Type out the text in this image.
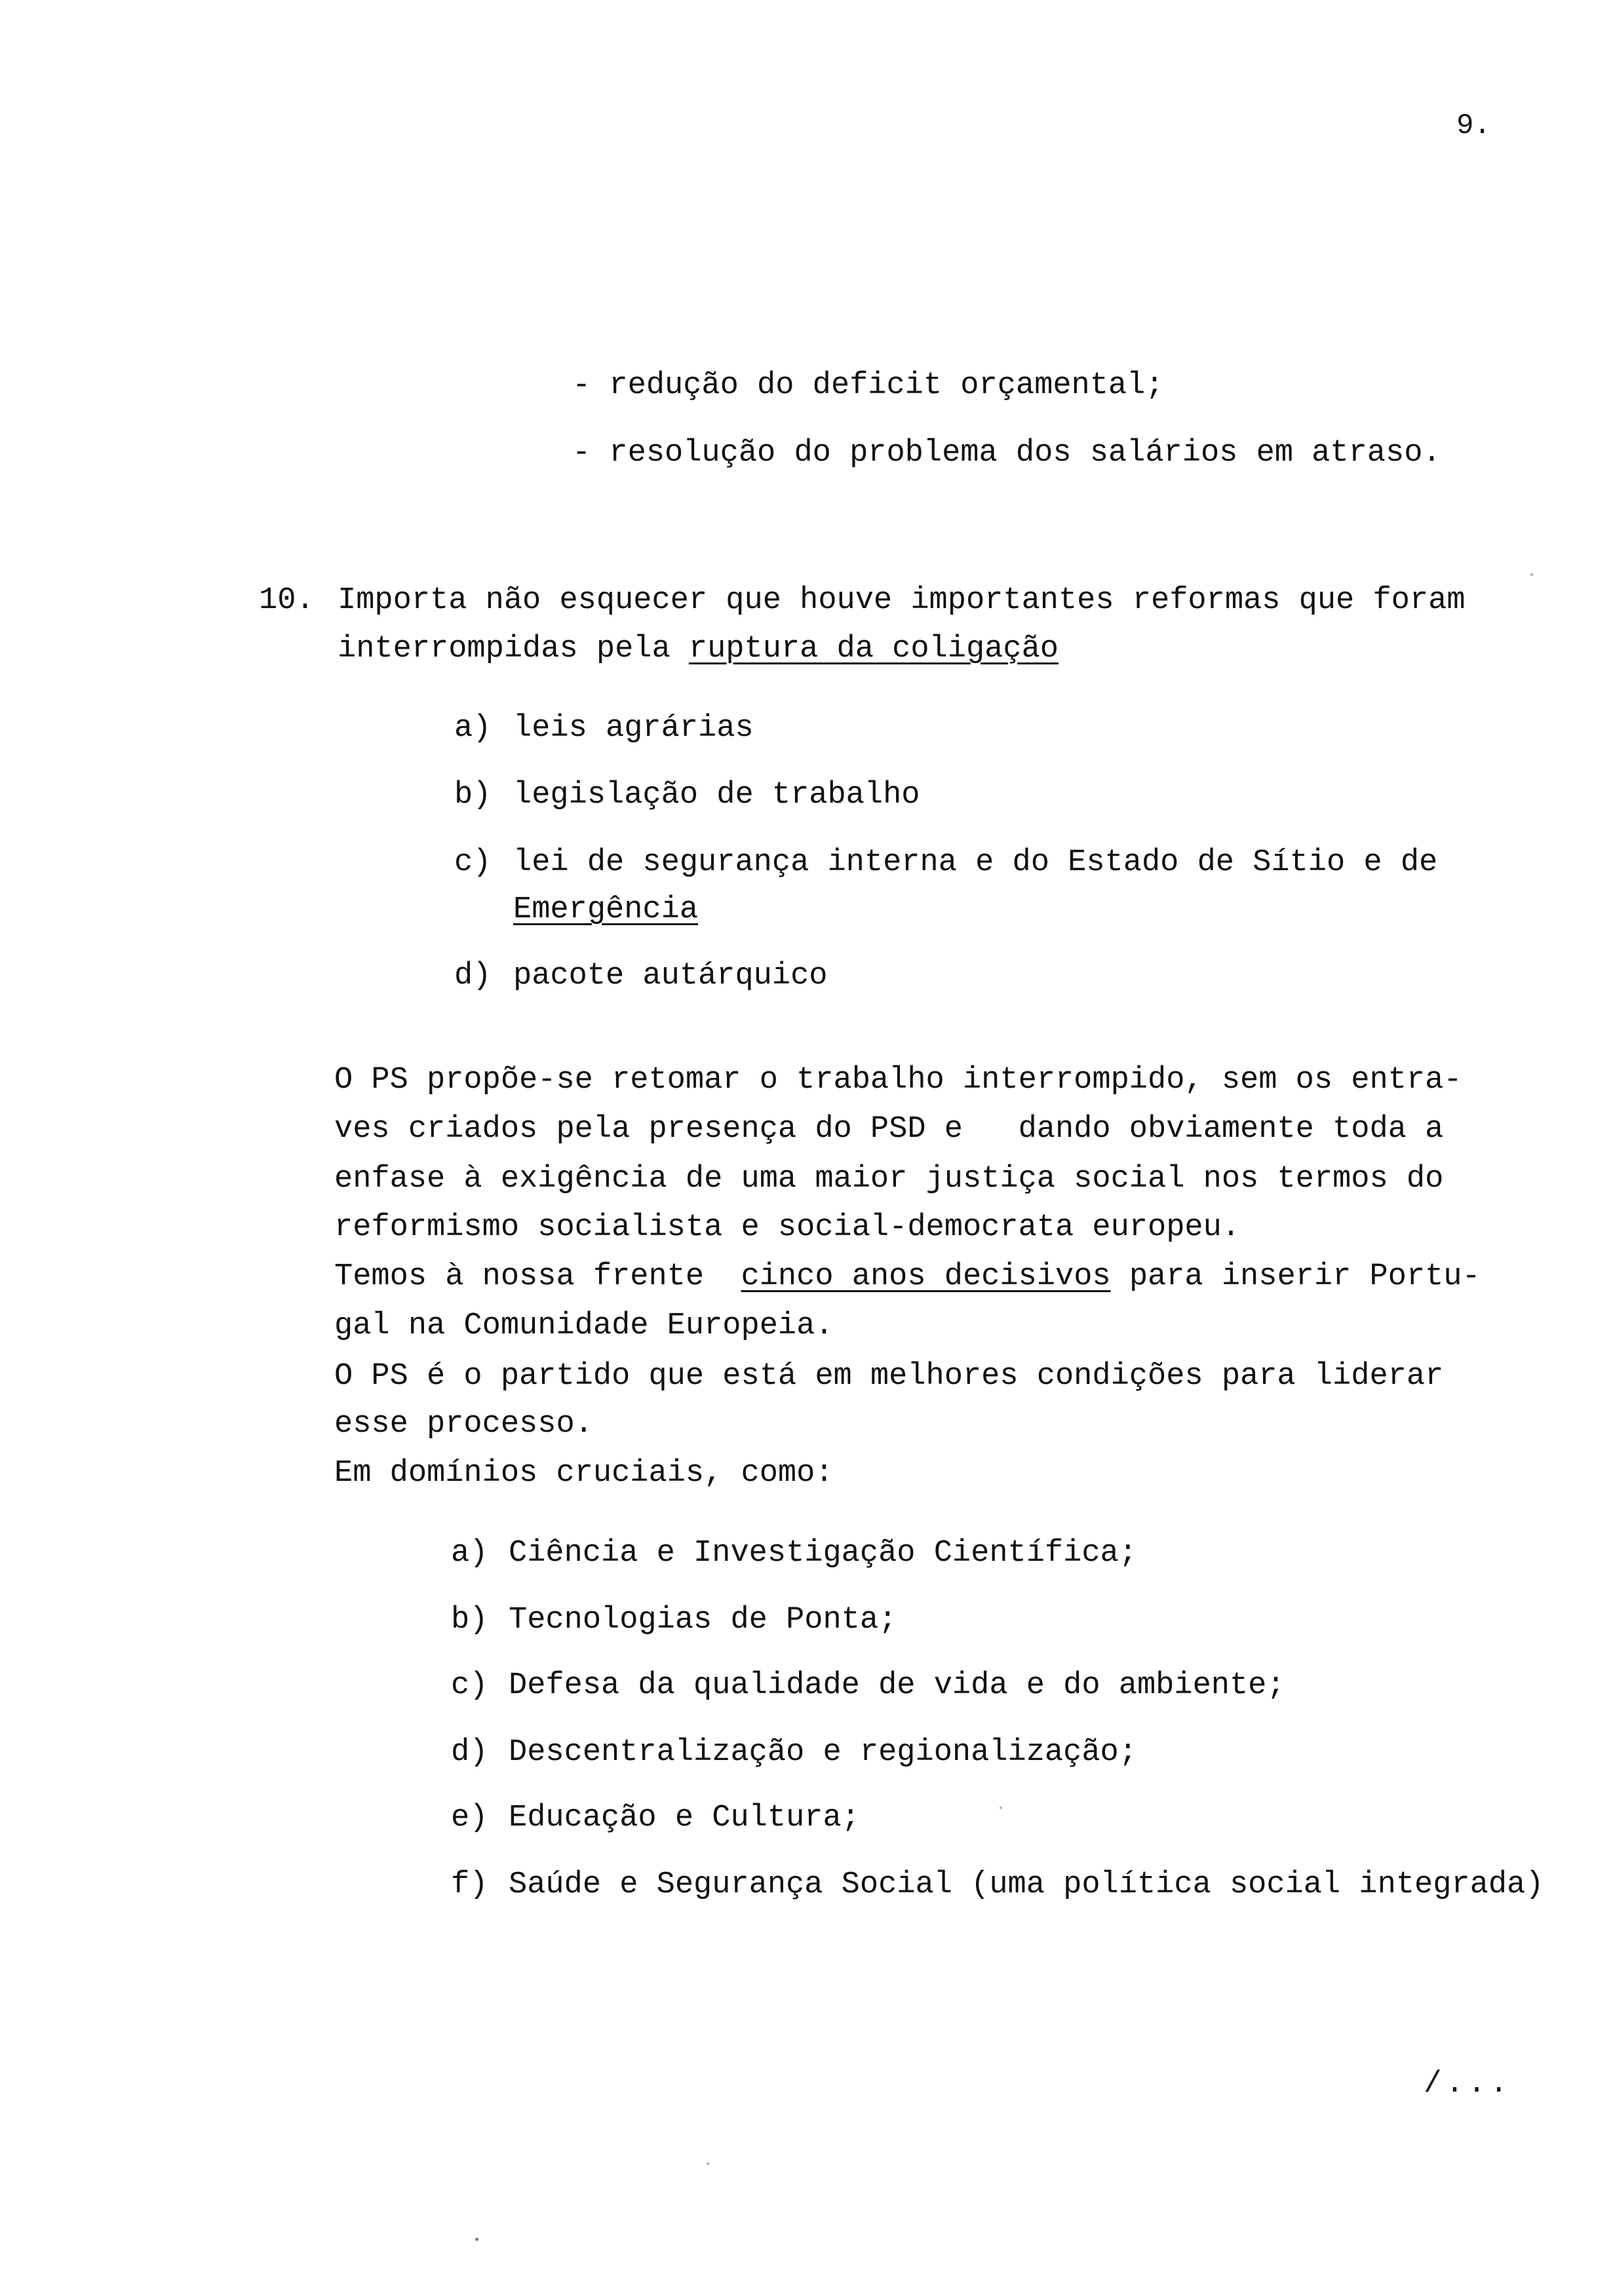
9.
- redução do deficit orçamental;
- resolução do problema dos salários em atraso.
10. Importa não esquecer que houve importantes reformas que foram
interrompidas pela ruptura da coligação
a) leis agrárias
b) legislação de trabalho
c) lei de segurança interna e do Estado de Sítio e de
Emergência
d) pacote autárquico
O PS propõe-se retomar o trabalho interrompido, sem os entra-
ves criados pela presença do PSD e   dando obviamente toda a
enfase à exigência de uma maior justiça social nos termos do
reformismo socialista e social-democrata europeu.
Temos à nossa frente  cinco anos decisivos para inserir Portu-
gal na Comunidade Europeia.
O PS é o partido que está em melhores condições para liderar
esse processo.
Em domínios cruciais, como:
a) Ciência e Investigação Científica;
b) Tecnologias de Ponta;
c) Defesa da qualidade de vida e do ambiente;
d) Descentralização e regionalização;
e) Educação e Cultura;
f) Saúde e Segurança Social (uma política social integrada)
/...
